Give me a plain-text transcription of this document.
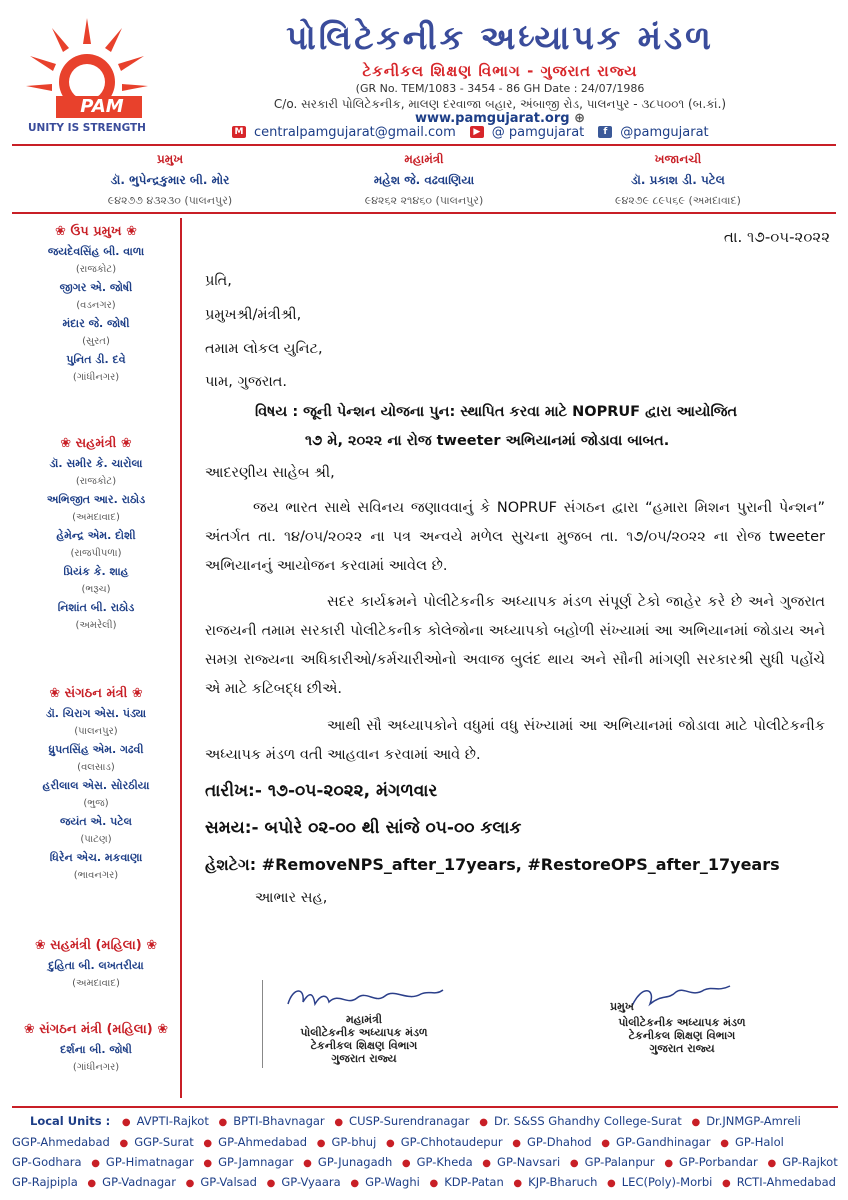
PAM
UNITY IS STRENGTH
પોલિટેકનીક અધ્યાપક મંડળ
ટેકનીકલ શિક્ષણ વિભાગ - ગુજરાત રાજ્ય
(GR No. TEM/1083 - 3454 - 86 GH Date : 24/07/1986
C/o. સરકારી પોલિટેકનીક, માલણ દરવાજા બહાર, અંબાજી રોડ, પાલનપુર - ૩૮૫૦૦૧ (બ.કાં.)
www.pamgujarat.org ⊕
M centralpamgujarat@gmail.com	▶ @ pamgujarat	f	@pamgujarat
પ્રમુખ
ડૉ. ભુપેન્દ્રકુમાર બી. મોર
૯૪૨૭૭ ૪૩૨૩૦ (પાલનપુર)
મહામંત્રી
મહેશ જે. વઢવાણિયા
૯૪૨૬૨ ૨૧૪૬૦ (પાલનપુર)
ખજાનચી
ડૉ. પ્રકાશ ડી. પટેલ
૯૪૨૭૯ ૮૯૫૬૯ (અમદાવાદ)
❀ ઉપ પ્રમુખ ❀
જયદેવસિંહ બી. વાળા
(રાજકોટ)
જીગર એ. જોષી
(વડનગર)
મંદાર જે. જોષી
(સુરત)
પુનિત ડી. દવે
(ગાંધીનગર)
❀ સહમંત્રી ❀
ડૉ. સમીર કે. ચારોલા
(રાજકોટ)
અભિજીત આર. રાઠોડ
(અમદાવાદ)
હેમેન્દ્ર એમ. દોશી
(રાજપીપળા)
પ્રિયંક કે. શાહ
(ભરૂચ)
નિશાંત બી. રાઠોડ
(અમરેલી)
❀ સંગઠન મંત્રી ❀
ડૉ. ચિરાગ એસ. પંડ્યા
(પાલનપુર)
ધ્રુપતસિંહ એમ. ગઢવી
(વલસાડ)
હરીલાલ એસ. સોરઠીયા
(ભુજ)
જયંત એ. પટેલ
(પાટણ)
ધિરેન એચ. મકવાણા
(ભાવનગર)
❀ સહમંત્રી (મહિલા) ❀
દુહિતા બી. લખતરીયા
(અમદાવાદ)
❀ સંગઠન મંત્રી (મહિલા) ❀
દર્શના બી. જોષી
(ગાંધીનગર)
તા. ૧૭-૦૫-૨૦૨૨
પ્રતિ,
પ્રમુખશ્રી/મંત્રીશ્રી,
તમામ લોકલ યુનિટ,
પામ, ગુજરાત.
વિષય : જૂની પેન્શન યોજના પુન: સ્થાપિત કરવા માટે NOPRUF દ્વારા આયોજિત
૧૭ મે, ૨૦૨૨ ના રોજ tweeter અભિયાનમાં જોડાવા બાબત.
આદરણીય સાહેબ શ્રી,
જય ભારત સાથે સવિનય જણાવવાનું કે NOPRUF સંગઠન દ્વારા “હમારા મિશન પુરાની પેન્શન” અંતર્ગત તા. ૧૪/૦૫/૨૦૨૨ ના પત્ર અન્વયે મળેલ સુચના મુજબ તા. ૧૭/૦૫/૨૦૨૨ ના રોજ tweeter અભિયાનનું આયોજન કરવામાં આવેલ છે.
સદર કાર્યક્રમને પોલીટેકનીક અધ્યાપક મંડળ સંપૂર્ણ ટેકો જાહેર કરે છે અને ગુજરાત રાજયની તમામ સરકારી પોલીટેકનીક કોલેજોના અધ્યાપકો બહોળી સંખ્યામાં આ અભિયાનમાં જોડાય અને સમગ્ર રાજ્યના અધિકારીઓ/કર્મચારીઓનો અવાજ બુલંદ થાય અને સૌની માંગણી સરકારશ્રી સુધી પહોંચે એ માટે કટિબદ્ધ છીએ.
આથી સૌ અધ્યાપકોને વધુમાં વધુ સંખ્યામાં આ અભિયાનમાં જોડાવા માટે પોલીટેકનીક અધ્યાપક મંડળ વતી આહવાન કરવામાં આવે છે.
તારીખ:- ૧૭-૦૫-૨૦૨૨, મંગળવાર
સમય:- બપોરે ૦૨-૦૦ થી સાંજે ૦૫-૦૦ કલાક
હેશટેગ: #RemoveNPS_after_17years, #RestoreOPS_after_17years
આભાર સહ,
મહામંત્રી
પોલીટેકનીક અધ્યાપક મંડળ
ટેકનીકલ શિક્ષણ વિભાગ
ગુજરાત રાજ્ય
પ્રમુખ
પોલીટેકનીક અધ્યાપક મંડળ
ટેકનીકલ શિક્ષણ વિભાગ
ગુજરાત રાજ્ય
Local Units : ● AVPTI-Rajkot ● BPTI-Bhavnagar ● CUSP-Surendranagar ● Dr. S&SS Ghandhy College-Surat ● Dr.JNMGP-Amreli
GGP-Ahmedabad ● GGP-Surat ● GP-Ahmedabad ● GP-bhuj ● GP-Chhotaudepur ● GP-Dhahod ● GP-Gandhinagar ● GP-Halol
GP-Godhara ● GP-Himatnagar ● GP-Jamnagar ● GP-Junagadh ● GP-Kheda ● GP-Navsari ● GP-Palanpur ● GP-Porbandar ● GP-Rajkot
GP-Rajpipla ● GP-Vadnagar ● GP-Valsad ● GP-Vyaara ● GP-Waghi ● KDP-Patan ● KJP-Bharuch ● LEC(Poly)-Morbi ● RCTI-Ahmedabad
